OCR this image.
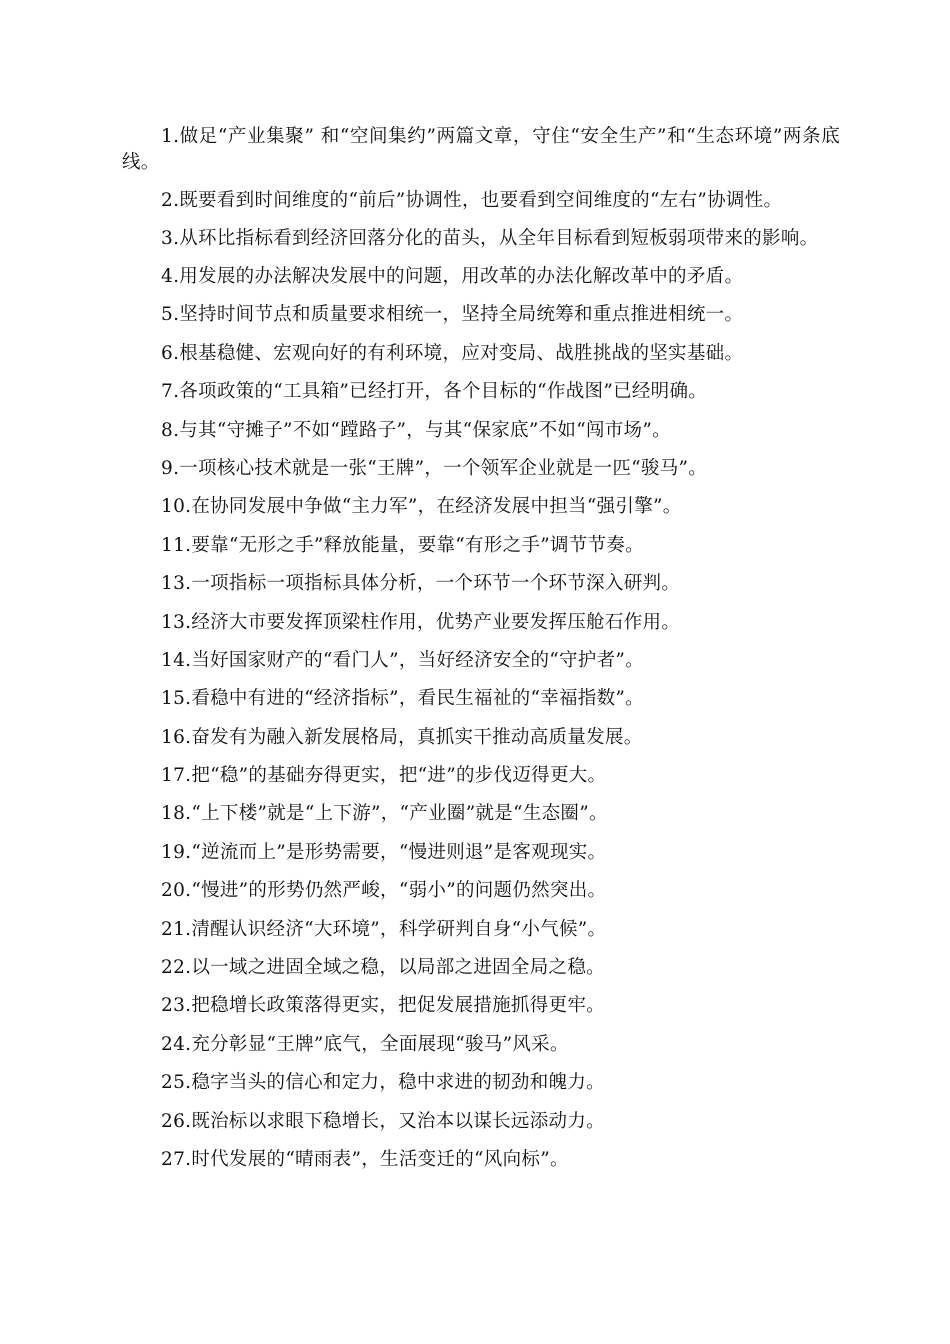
1.做足“产业集聚” 和“空间集约”两篇文章，守住“安全生产”和“生态环境”两条底线。

2.既要看到时间维度的“前后”协调性，也要看到空间维度的“左右”协调性。

3.从环比指标看到经济回落分化的苗头，从全年目标看到短板弱项带来的影响。

4.用发展的办法解决发展中的问题，用改革的办法化解改革中的矛盾。

5.坚持时间节点和质量要求相统一，坚持全局统筹和重点推进相统一。

6.根基稳健、宏观向好的有利环境，应对变局、战胜挑战的坚实基础。

7.各项政策的“工具箱”已经打开，各个目标的“作战图”已经明确。

8.与其“守摊子”不如“蹚路子”，与其“保家底”不如“闯市场”。

9.一项核心技术就是一张“王牌”，一个领军企业就是一匹“骏马”。

10.在协同发展中争做“主力军”，在经济发展中担当“强引擎”。

11.要靠“无形之手”释放能量，要靠“有形之手”调节节奏。

13.一项指标一项指标具体分析，一个环节一个环节深入研判。

13.经济大市要发挥顶梁柱作用，优势产业要发挥压舱石作用。

14.当好国家财产的“看门人”，当好经济安全的“守护者”。

15.看稳中有进的“经济指标”，看民生福祉的“幸福指数”。

16.奋发有为融入新发展格局，真抓实干推动高质量发展。

17.把“稳”的基础夯得更实，把“进”的步伐迈得更大。

18.“上下楼”就是“上下游”，“产业圈”就是“生态圈”。

19.“逆流而上”是形势需要，“慢进则退”是客观现实。

20.“慢进”的形势仍然严峻，“弱小”的问题仍然突出。

21.清醒认识经济“大环境”，科学研判自身“小气候”。

22.以一域之进固全域之稳，以局部之进固全局之稳。

23.把稳增长政策落得更实，把促发展措施抓得更牢。

24.充分彰显“王牌”底气，全面展现“骏马”风采。

25.稳字当头的信心和定力，稳中求进的韧劲和魄力。

26.既治标以求眼下稳增长，又治本以谋长远添动力。

27.时代发展的“晴雨表”，生活变迁的“风向标”。
